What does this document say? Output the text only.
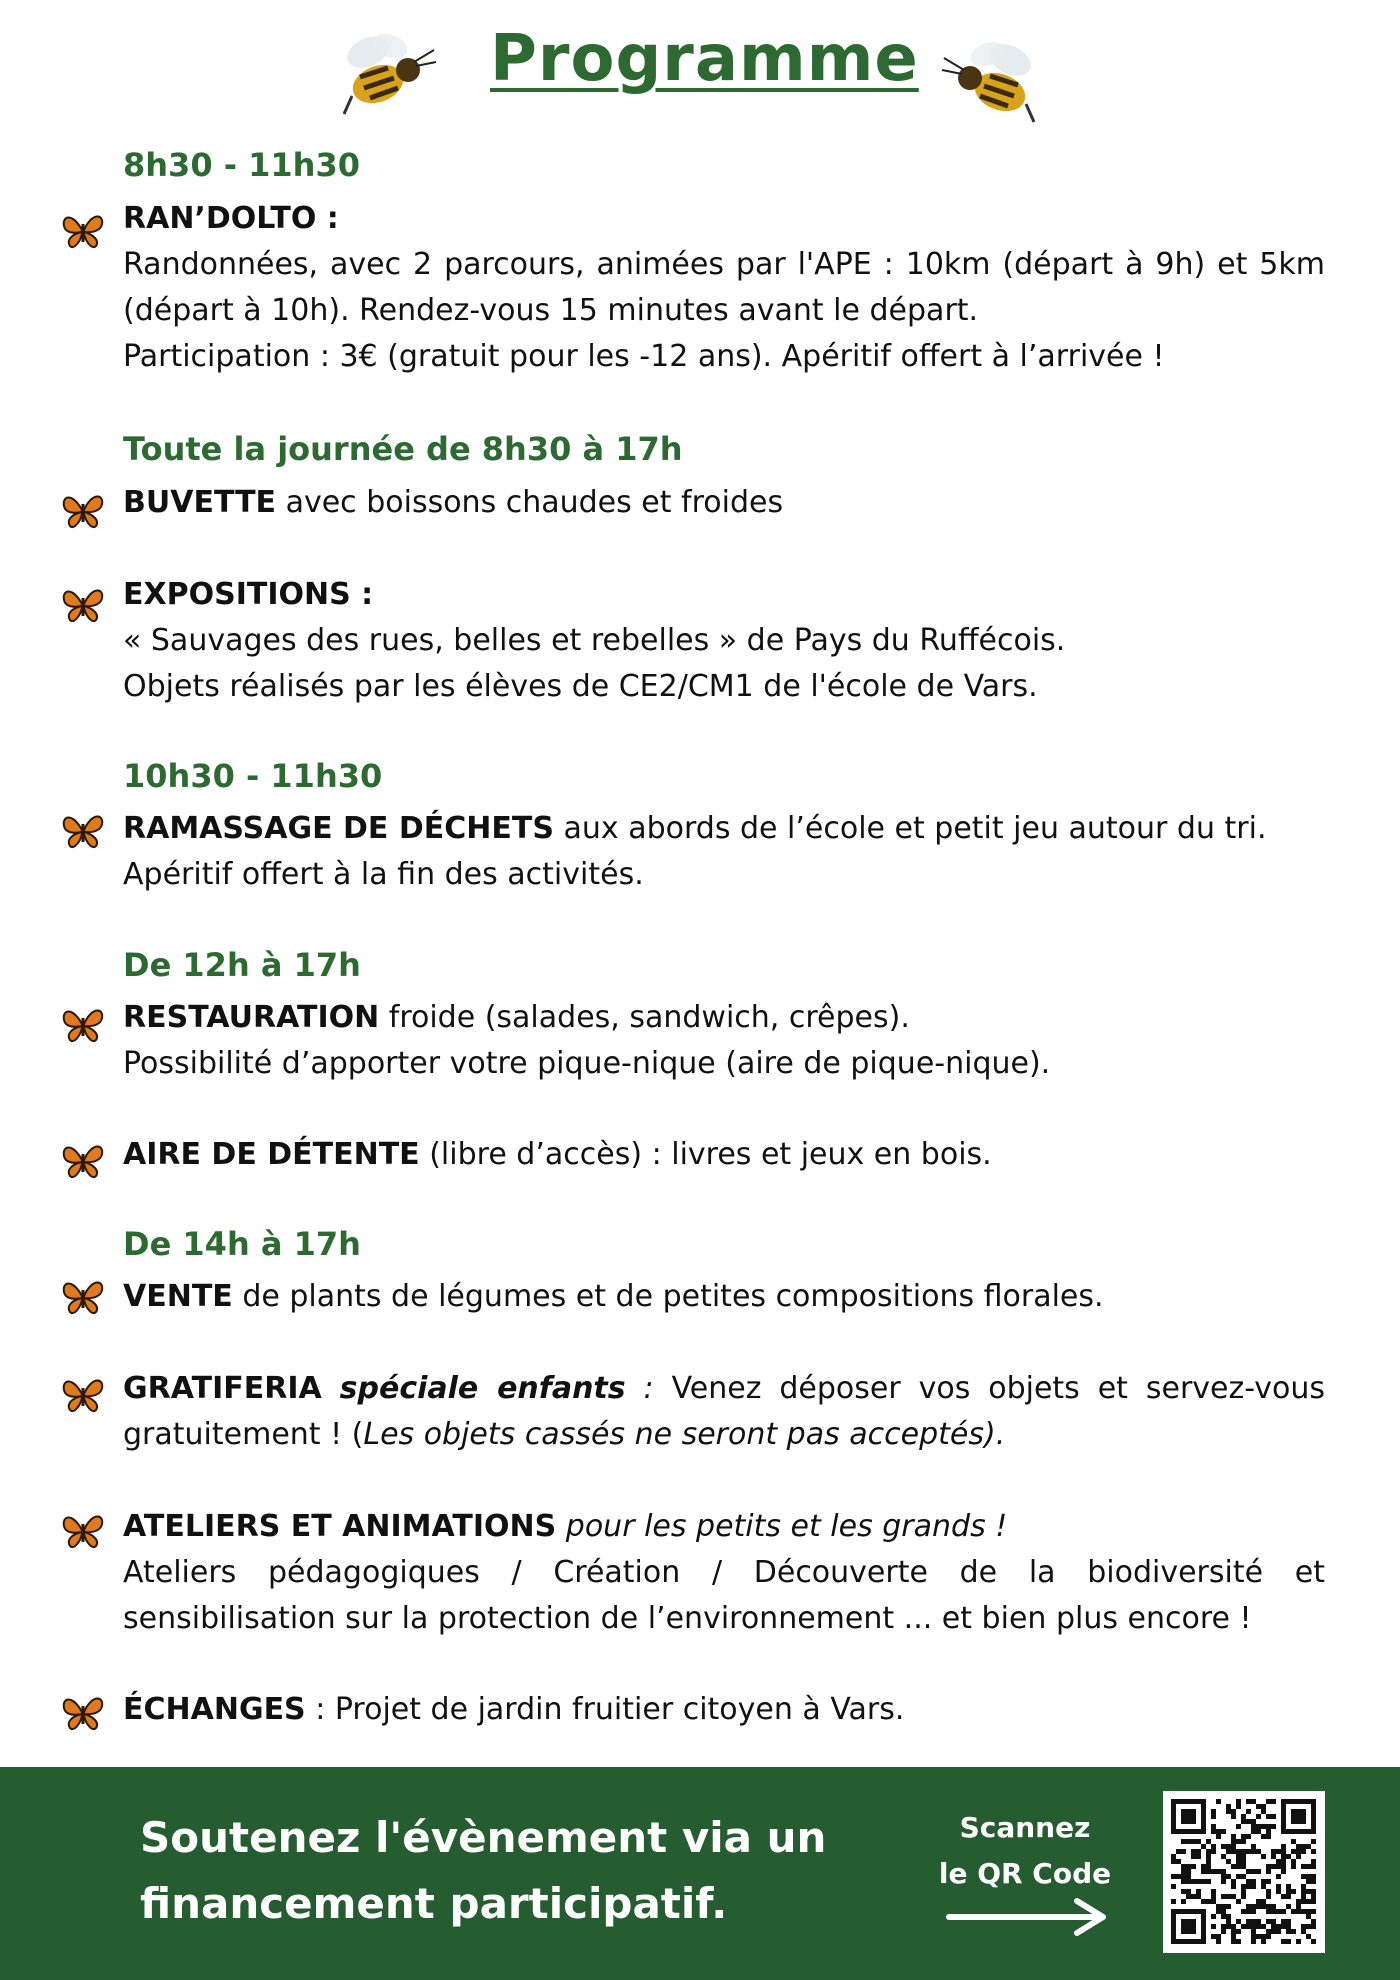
Programme
8h30 - 11h30
RAN’DOLTO :
Randonnées, avec 2 parcours, animées par l'APE : 10km (départ à 9h) et 5km (départ à 10h). Rendez-vous 15 minutes avant le départ.
Participation : 3€ (gratuit pour les -12 ans). Apéritif offert à l’arrivée !
Toute la journée de 8h30 à 17h
BUVETTE avec boissons chaudes et froides
EXPOSITIONS :
« Sauvages des rues, belles et rebelles » de Pays du Ruffécois.
Objets réalisés par les élèves de CE2/CM1 de l'école de Vars.
10h30 - 11h30
RAMASSAGE DE DÉCHETS aux abords de l’école et petit jeu autour du tri.
Apéritif offert à la fin des activités.
De 12h à 17h
RESTAURATION froide (salades, sandwich, crêpes).
Possibilité d’apporter votre pique-nique (aire de pique-nique).
AIRE DE DÉTENTE (libre d’accès) : livres et jeux en bois.
De 14h à 17h
VENTE de plants de légumes et de petites compositions florales.
GRATIFERIA spéciale enfants : Venez déposer vos objets et servez-vous gratuitement ! (Les objets cassés ne seront pas acceptés).
ATELIERS ET ANIMATIONS pour les petits et les grands !
Ateliers pédagogiques / Création / Découverte de la biodiversité et sensibilisation sur la protection de l’environnement ... et bien plus encore !
ÉCHANGES : Projet de jardin fruitier citoyen à Vars.
Soutenez l'évènement via un financement participatif.
Scannez
le QR Code
